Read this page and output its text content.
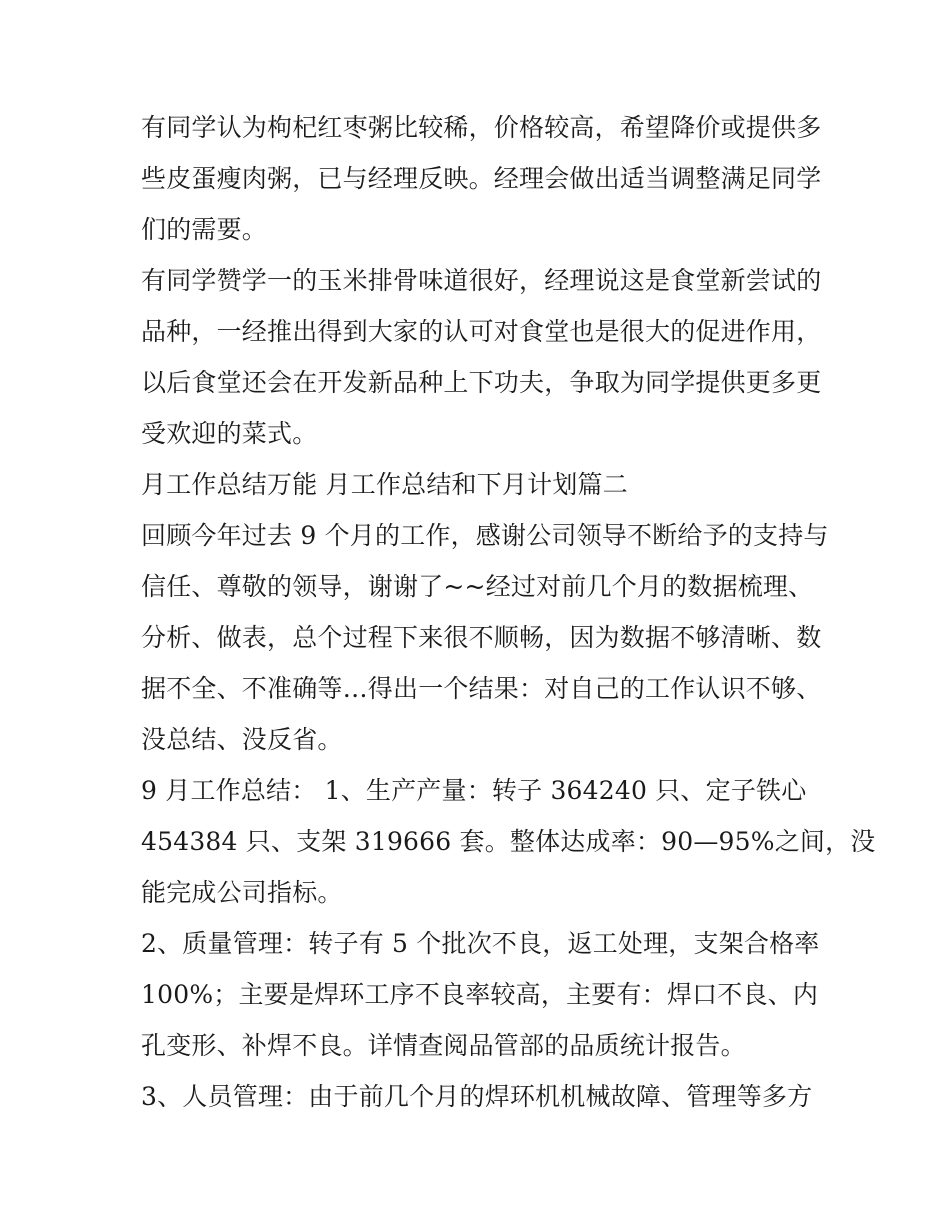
有同学认为枸杞红枣粥比较稀，价格较高，希望降价或提供多
些皮蛋瘦肉粥，已与经理反映。经理会做出适当调整满足同学
们的需要。
有同学赞学一的玉米排骨味道很好，经理说这是食堂新尝试的
品种，一经推出得到大家的认可对食堂也是很大的促进作用，
以后食堂还会在开发新品种上下功夫，争取为同学提供更多更
受欢迎的菜式。
月工作总结万能 月工作总结和下月计划篇二
回顾今年过去 9 个月的工作，感谢公司领导不断给予的支持与
信任、尊敬的领导，谢谢了~~经过对前几个月的数据梳理、
分析、做表，总个过程下来很不顺畅，因为数据不够清晰、数
据不全、不准确等…得出一个结果：对自己的工作认识不够、
没总结、没反省。
9 月工作总结： 1、生产产量：转子 364240 只、定子铁心
454384 只、支架 319666 套。整体达成率：90—95%之间，没
能完成公司指标。
2、质量管理：转子有 5 个批次不良，返工处理，支架合格率
100%；主要是焊环工序不良率较高，主要有：焊口不良、内
孔变形、补焊不良。详情查阅品管部的品质统计报告。
3、人员管理：由于前几个月的焊环机机械故障、管理等多方
